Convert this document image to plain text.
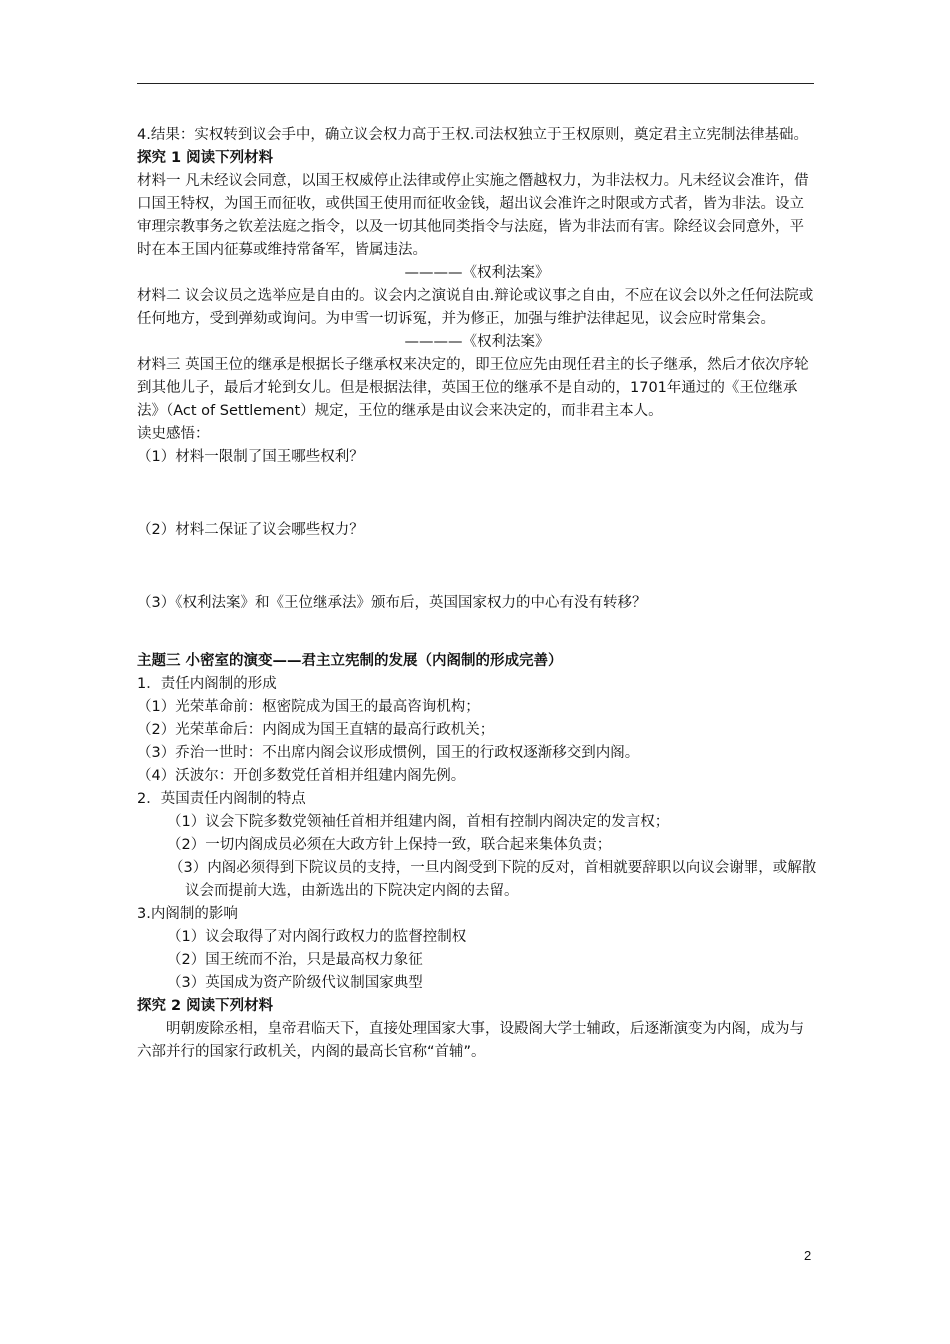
4.结果：实权转到议会手中，确立议会权力高于王权.司法权独立于王权原则，奠定君主立宪制法律基础。

探究 1 阅读下列材料

材料一 凡未经议会同意，以国王权威停止法律或停止实施之僭越权力，为非法权力。凡未经议会准许，借口国王特权，为国王而征收，或供国王使用而征收金钱，超出议会准许之时限或方式者，皆为非法。设立审理宗教事务之钦差法庭之指令，以及一切其他同类指令与法庭，皆为非法而有害。除经议会同意外，平时在本王国内征募或维持常备军，皆属违法。

————《权利法案》

材料二 议会议员之选举应是自由的。议会内之演说自由.辩论或议事之自由，不应在议会以外之任何法院或任何地方，受到弹劾或询问。为申雪一切诉冤，并为修正，加强与维护法律起见，议会应时常集会。

————《权利法案》

材料三 英国王位的继承是根据长子继承权来决定的，即王位应先由现任君主的长子继承，然后才依次序轮到其他儿子，最后才轮到女儿。但是根据法律，英国王位的继承不是自动的，1701年通过的《王位继承法》（Act of Settlement）规定，王位的继承是由议会来决定的，而非君主本人。

读史感悟：

（1）材料一限制了国王哪些权利？

（2）材料二保证了议会哪些权力？

（3）《权利法案》和《王位继承法》颁布后，英国国家权力的中心有没有转移？

主题三 小密室的演变——君主立宪制的发展（内阁制的形成完善）

1．责任内阁制的形成

（1）光荣革命前：枢密院成为国王的最高咨询机构；

（2）光荣革命后：内阁成为国王直辖的最高行政机关；

（3）乔治一世时：不出席内阁会议形成惯例，国王的行政权逐渐移交到内阁。

（4）沃波尔：开创多数党任首相并组建内阁先例。

2．英国责任内阁制的特点

（1）议会下院多数党领袖任首相并组建内阁，首相有控制内阁决定的发言权；

（2）一切内阁成员必须在大政方针上保持一致，联合起来集体负责；

（3）内阁必须得到下院议员的支持，一旦内阁受到下院的反对，首相就要辞职以向议会谢罪，或解散议会而提前大选，由新选出的下院决定内阁的去留。

3.内阁制的影响

（1）议会取得了对内阁行政权力的监督控制权

（2）国王统而不治，只是最高权力象征

（3）英国成为资产阶级代议制国家典型

探究 2 阅读下列材料

明朝废除丞相，皇帝君临天下，直接处理国家大事，设殿阁大学士辅政，后逐渐演变为内阁，成为与六部并行的国家行政机关，内阁的最高长官称“首辅”。

2
